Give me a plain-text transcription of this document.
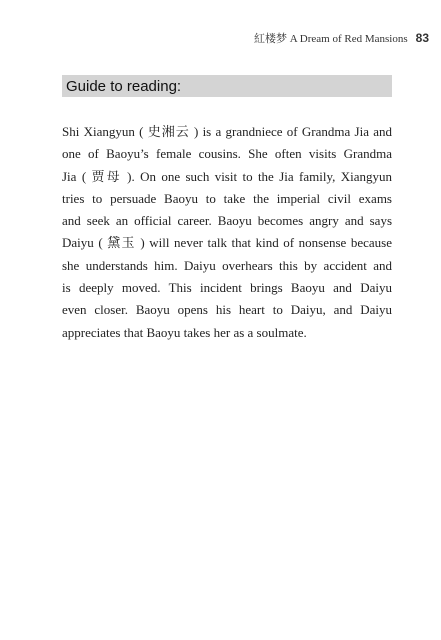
紅楼梦 A Dream of Red Mansions 83
Guide to reading:

Shi Xiangyun ( 史湘云 ) is a grandniece of Grandma Jia and
one of Baoyu’s female cousins. She often visits Grandma
Jia ( 贾母 ). On one such visit to the Jia family, Xiangyun
tries to persuade Baoyu to take the imperial civil exams
and seek an official career. Baoyu becomes angry and says
Daiyu ( 黛玉 ) will never talk that kind of nonsense because
she understands him. Daiyu overhears this by accident and
is deeply moved. This incident brings Baoyu and Daiyu
even closer. Baoyu opens his heart to Daiyu, and Daiyu
appreciates that Baoyu takes her as a soulmate.
